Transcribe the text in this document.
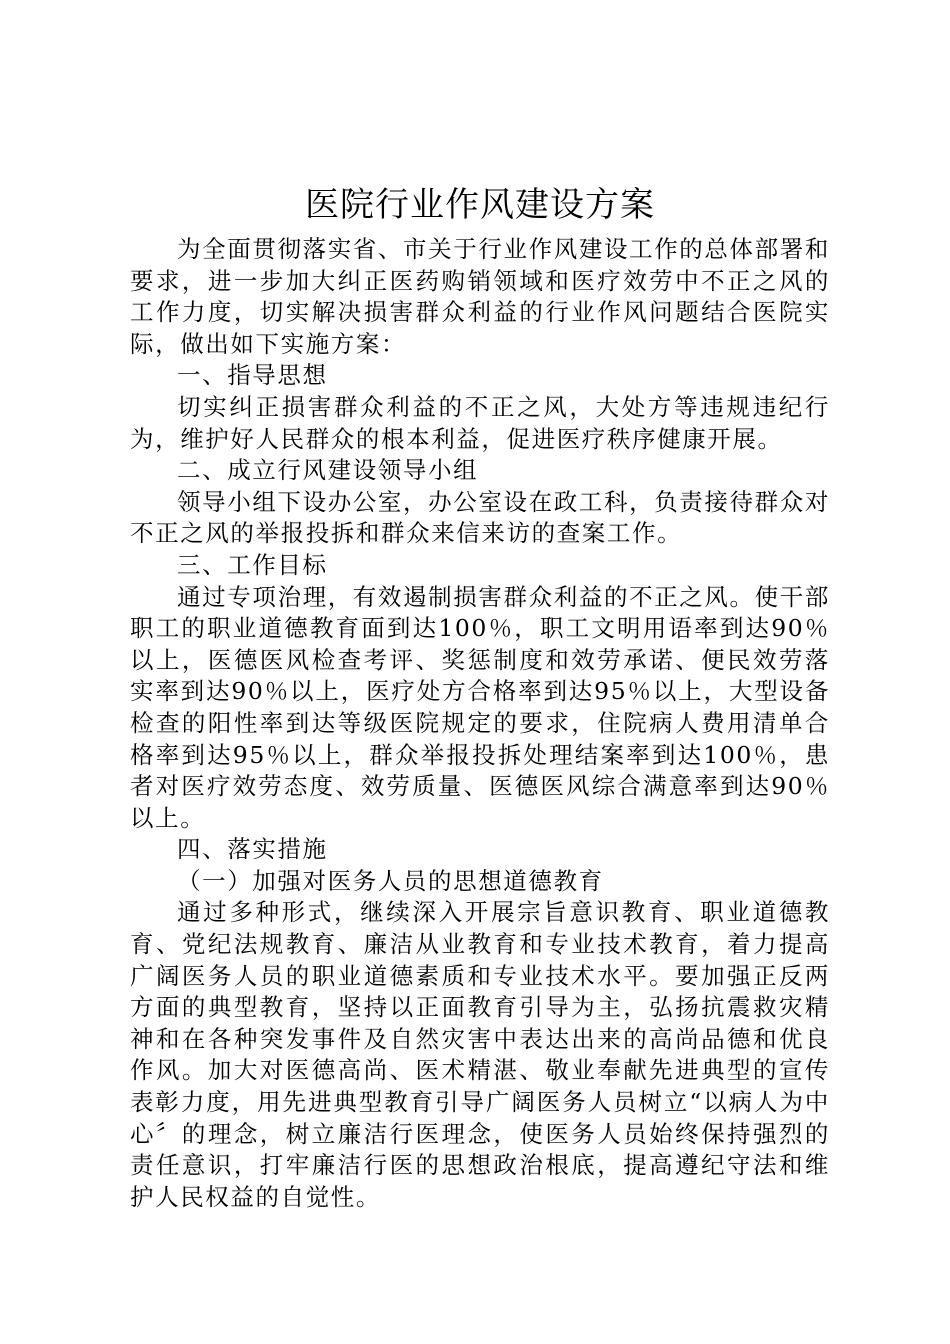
医院行业作风建设方案

为全面贯彻落实省、市关于行业作风建设工作的总体部署和要求，进一步加大纠正医药购销领域和医疗效劳中不正之风的工作力度，切实解决损害群众利益的行业作风问题结合医院实际，做出如下实施方案：

一、指导思想

切实纠正损害群众利益的不正之风，大处方等违规违纪行为，维护好人民群众的根本利益，促进医疗秩序健康开展。

二、成立行风建设领导小组

领导小组下设办公室，办公室设在政工科，负责接待群众对不正之风的举报投拆和群众来信来访的查案工作。

三、工作目标

通过专项治理，有效遏制损害群众利益的不正之风。使干部职工的职业道德教育面到达100％，职工文明用语率到达90％以上，医德医风检查考评、奖惩制度和效劳承诺、便民效劳落实率到达90％以上，医疗处方合格率到达95％以上，大型设备检查的阳性率到达等级医院规定的要求，住院病人费用清单合格率到达95％以上，群众举报投拆处理结案率到达100％，患者对医疗效劳态度、效劳质量、医德医风综合满意率到达90％以上。

四、落实措施

（一）加强对医务人员的思想道德教育

通过多种形式，继续深入开展宗旨意识教育、职业道德教育、党纪法规教育、廉洁从业教育和专业技术教育，着力提高广阔医务人员的职业道德素质和专业技术水平。要加强正反两方面的典型教育，坚持以正面教育引导为主，弘扬抗震救灾精神和在各种突发事件及自然灾害中表达出来的高尚品德和优良作风。加大对医德高尚、医术精湛、敬业奉献先进典型的宣传表彰力度，用先进典型教育引导广阔医务人员树立“以病人为中心〞的理念，树立廉洁行医理念，使医务人员始终保持强烈的责任意识，打牢廉洁行医的思想政治根底，提高遵纪守法和维护人民权益的自觉性。
